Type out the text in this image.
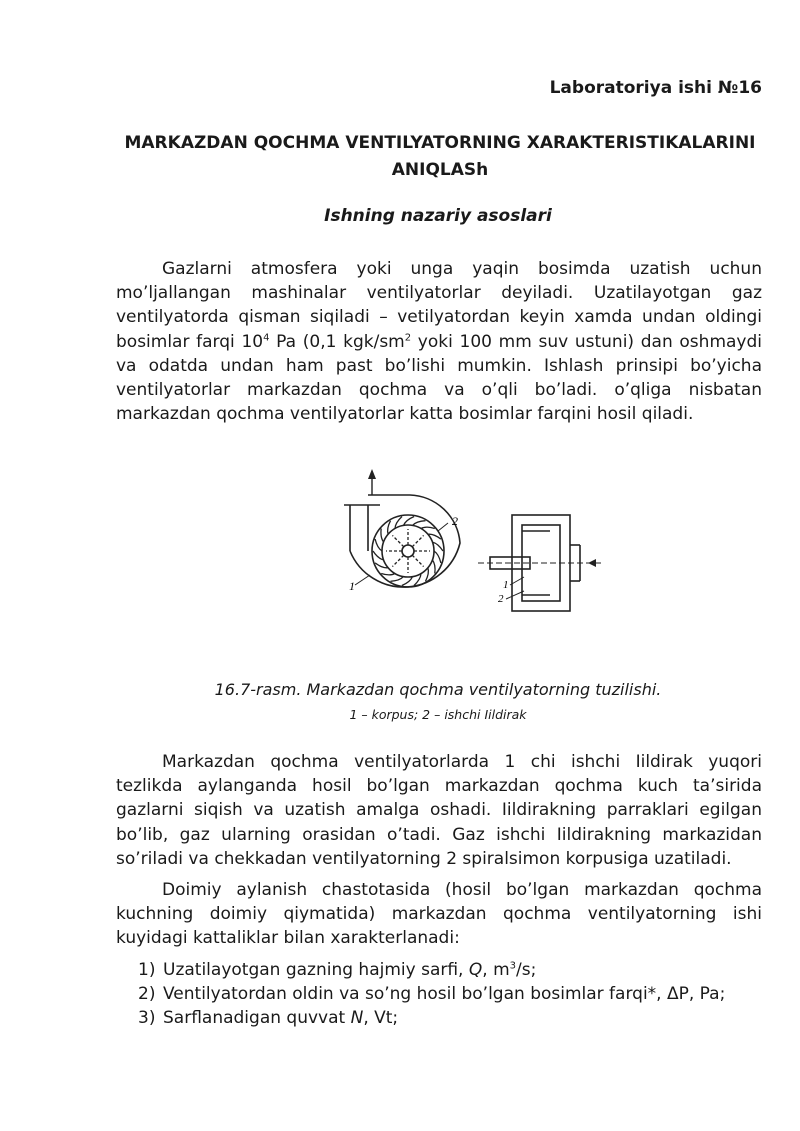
Laboratoriya ishi №16
MARKAZDAN QOCHMA VENTILYATORNING XARAKTERISTIKALARINI
ANIQLASh
Ishning nazariy asoslari

Gazlarni atmosfera yoki unga yaqin bosimda uzatish uchun mo’ljallangan mashinalar ventilyatorlar deyiladi. Uzatilayotgan gaz ventilyatorda qisman siqiladi – vetilyatordan keyin xamda undan oldingi bosimlar farqi $10^4$ Pa (0,1 kgk/$sm^2$ yoki 100 mm suv ustuni) dan oshmaydi va odatda undan ham past bo’lishi mumkin. Ishlash prinsipi bo’yicha ventilyatorlar markazdan qochma va o’qli bo’ladi. o’qliga nisbatan markazdan qochma ventilyatorlar katta bosimlar farqini hosil qiladi.

1
2
1
2
16.7-rasm. Markazdan qochma ventilyatorning tuzilishi.
1 – korpus; 2 – ishchi Iildirak

Markazdan qochma ventilyatorlarda 1 chi ishchi Iildirak yuqori tezlikda aylanganda hosil bo’lgan markazdan qochma kuch ta’sirida gazlarni siqish va uzatish amalga oshadi. Iildirakning parraklari egilgan bo’lib, gaz ularning orasidan o’tadi. Gaz ishchi Iildirakning markazidan so’riladi va chekkadan ventilyatorning 2 spiralsimon korpusiga uzatiladi.

Doimiy aylanish chastotasida (hosil bo’lgan markazdan qochma kuchning doimiy qiymatida) markazdan qochma ventilyatorning ishi kuyidagi kattaliklar bilan xarakterlanadi:

1) Uzatilayotgan gazning hajmiy sarfi, Q, $m^3/s$;
2) Ventilyatordan oldin va so’ng hosil bo’lgan bosimlar farqi*, ΔP, Pa;
3) Sarflanadigan quvvat N, Vt;
